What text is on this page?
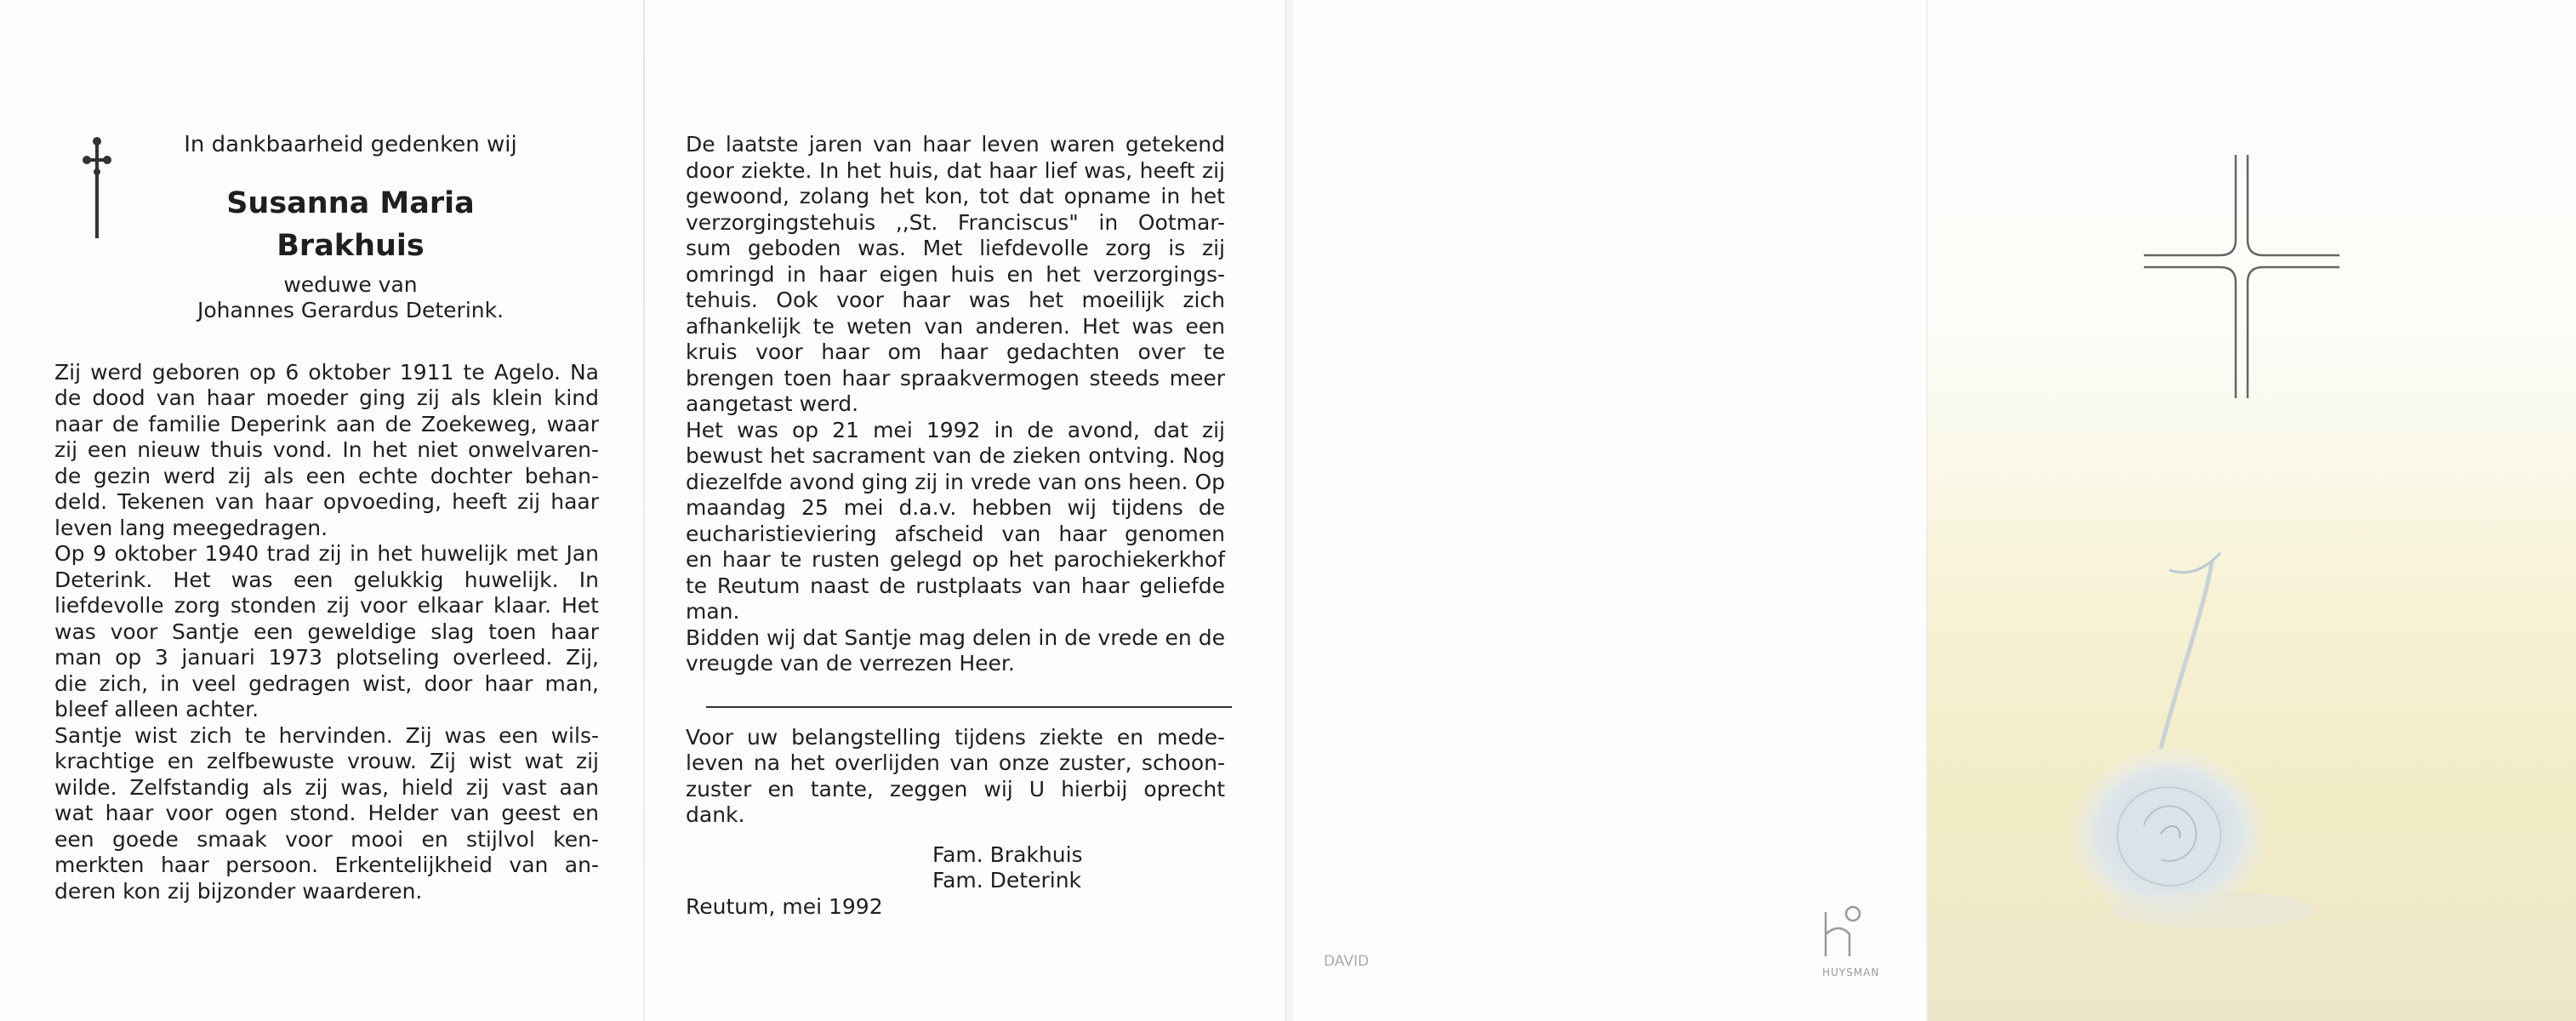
In dankbaarheid gedenken wij
Susanna Maria
Brakhuis
weduwe van
Johannes Gerardus Deterink.
Zij werd geboren op 6 oktober 1911 te Agelo. Na
de dood van haar moeder ging zij als klein kind
naar de familie Deperink aan de Zoekeweg, waar
zij een nieuw thuis vond. In het niet onwelvaren-
de gezin werd zij als een echte dochter behan-
deld. Tekenen van haar opvoeding, heeft zij haar
leven lang meegedragen.
Op 9 oktober 1940 trad zij in het huwelijk met Jan
Deterink. Het was een gelukkig huwelijk. In
liefdevolle zorg stonden zij voor elkaar klaar. Het
was voor Santje een geweldige slag toen haar
man op 3 januari 1973 plotseling overleed. Zij,
die zich, in veel gedragen wist, door haar man,
bleef alleen achter.
Santje wist zich te hervinden. Zij was een wils-
krachtige en zelfbewuste vrouw. Zij wist wat zij
wilde. Zelfstandig als zij was, hield zij vast aan
wat haar voor ogen stond. Helder van geest en
een goede smaak voor mooi en stijlvol ken-
merkten haar persoon. Erkentelijkheid van an-
deren kon zij bijzonder waarderen.
De laatste jaren van haar leven waren getekend
door ziekte. In het huis, dat haar lief was, heeft zij
gewoond, zolang het kon, tot dat opname in het
verzorgingstehuis ,,St. Franciscus" in Ootmar-
sum geboden was. Met liefdevolle zorg is zij
omringd in haar eigen huis en het verzorgings-
tehuis. Ook voor haar was het moeilijk zich
afhankelijk te weten van anderen. Het was een
kruis voor haar om haar gedachten over te
brengen toen haar spraakvermogen steeds meer
aangetast werd.
Het was op 21 mei 1992 in de avond, dat zij
bewust het sacrament van de zieken ontving. Nog
diezelfde avond ging zij in vrede van ons heen. Op
maandag 25 mei d.a.v. hebben wij tijdens de
eucharistieviering afscheid van haar genomen
en haar te rusten gelegd op het parochiekerkhof
te Reutum naast de rustplaats van haar geliefde
man.
Bidden wij dat Santje mag delen in de vrede en de
vreugde van de verrezen Heer.
Voor uw belangstelling tijdens ziekte en mede-
leven na het overlijden van onze zuster, schoon-
zuster en tante, zeggen wij U hierbij oprecht
dank.
Fam. Brakhuis
Fam. Deterink
Reutum, mei 1992
DAVID
HUYSMAN
